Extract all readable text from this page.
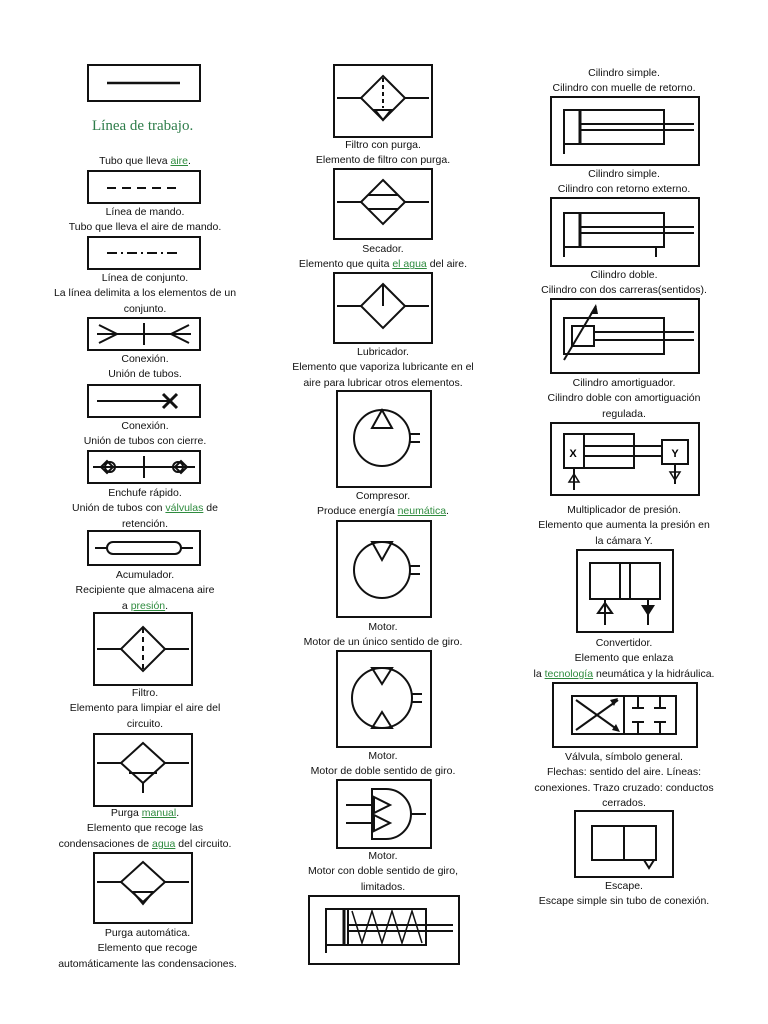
Línea de trabajo.
Tubo que lleva aire.
Línea de mando.
Tubo que lleva el aire de mando.
Línea de conjunto.
La línea delimita a los elementos de un
conjunto.
Conexión.
Unión de tubos.
Conexión.
Unión de tubos con cierre.
Enchufe rápido.
Unión de tubos con válvulas de
retención.
Acumulador.
Recipiente que almacena aire
a presión.
Filtro.
Elemento para limpiar el aire del
circuito.
Purga manual.
Elemento que recoge las
condensaciones de agua del circuito.
Purga automática.
Elemento que recoge
automáticamente las condensaciones.
Filtro con purga.
Elemento de filtro con purga.
Secador.
Elemento que quita el agua del aire.
Lubricador.
Elemento que vaporiza lubricante en el
aire para lubricar otros elementos.
Compresor.
Produce energía neumática.
Motor.
Motor de un único sentido de giro.
Motor.
Motor de doble sentido de giro.
Motor.
Motor con doble sentido de giro,
limitados.
Cilindro simple.
Cilindro con muelle de retorno.
Cilindro simple.
Cilindro con retorno externo.
Cilindro doble.
Cilindro con dos carreras(sentidos).
Cilindro amortiguador.
Cilindro doble con amortiguación
regulada.
X	Y
Multiplicador de presión.
Elemento que aumenta la presión en
la cámara Y.
Convertidor.
Elemento que enlaza
la tecnología neumática y la hidráulica.
Válvula, símbolo general.
Flechas: sentido del aire. Líneas:
conexiones. Trazo cruzado: conductos
cerrados.
Escape.
Escape simple sin tubo de conexión.
